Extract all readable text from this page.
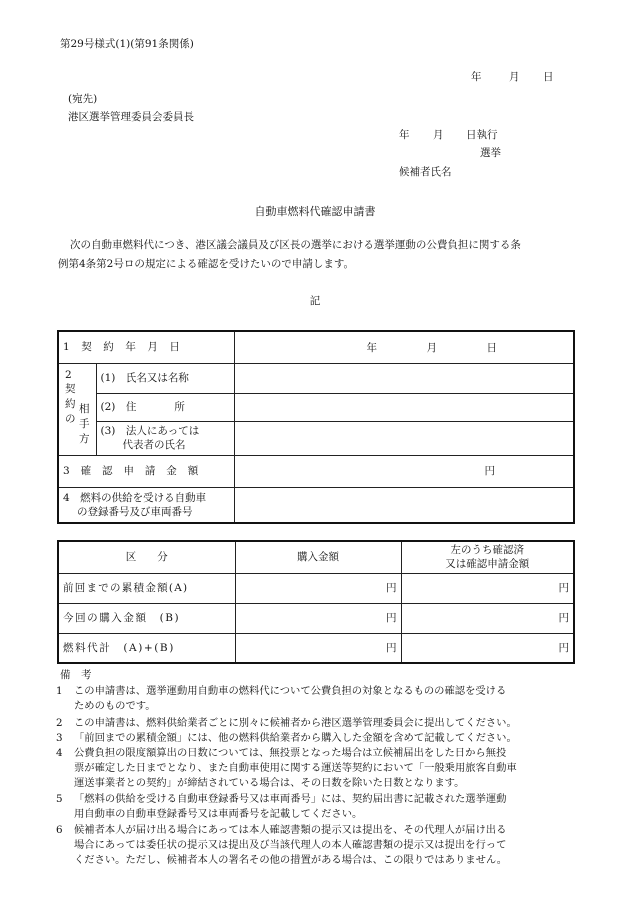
第29号様式(1)(第91条関係)
年	月 日
(宛先)
港区選挙管理委員会委員長
年 月 日執行
選挙
候補者氏名
自動車燃料代確認申請書
次の自動車燃料代につき、港区議会議員及び区長の選挙における選挙運動の公費負担に関する条
例第4条第2号ロの規定による確認を受けたいので申請します。
記
1　契　約　年　月　日		年 月 日

2
契約の
相手方	(1)　氏名又は名称	
	(2)　住 所	

	(3)　法人にあっては
代表者の氏名	

3　確　認　申　請　金　額		円

4　燃料の供給を受ける自動車
の登録番号及び車両番号		

区　　分	購入金額	左のうち確認済
又は確認申請金額

前回までの累積金額(A)	円	円
今回の購入金額　(B)	円	円
燃料代計　(A)+(B)	円	円
備　考
1 この申請書は、選挙運動用自動車の燃料代について公費負担の対象となるものの確認を受ける
ためのものです。
2 この申請書は、燃料供給業者ごとに別々に候補者から港区選挙管理委員会に提出してください。
3 「前回までの累積金額」には、他の燃料供給業者から購入した金額を含めて記載してください。
4 公費負担の限度額算出の日数については、無投票となった場合は立候補届出をした日から無投
票が確定した日までとなり、また自動車使用に関する運送等契約において「一般乗用旅客自動車
運送事業者との契約」が締結されている場合は、その日数を除いた日数となります。
5 「燃料の供給を受ける自動車登録番号又は車両番号」には、契約届出書に記載された選挙運動
用自動車の自動車登録番号又は車両番号を記載してください。
6 候補者本人が届け出る場合にあっては本人確認書類の提示又は提出を、その代理人が届け出る
場合にあっては委任状の提示又は提出及び当該代理人の本人確認書類の提示又は提出を行って
ください。ただし、候補者本人の署名その他の措置がある場合は、この限りではありません。
